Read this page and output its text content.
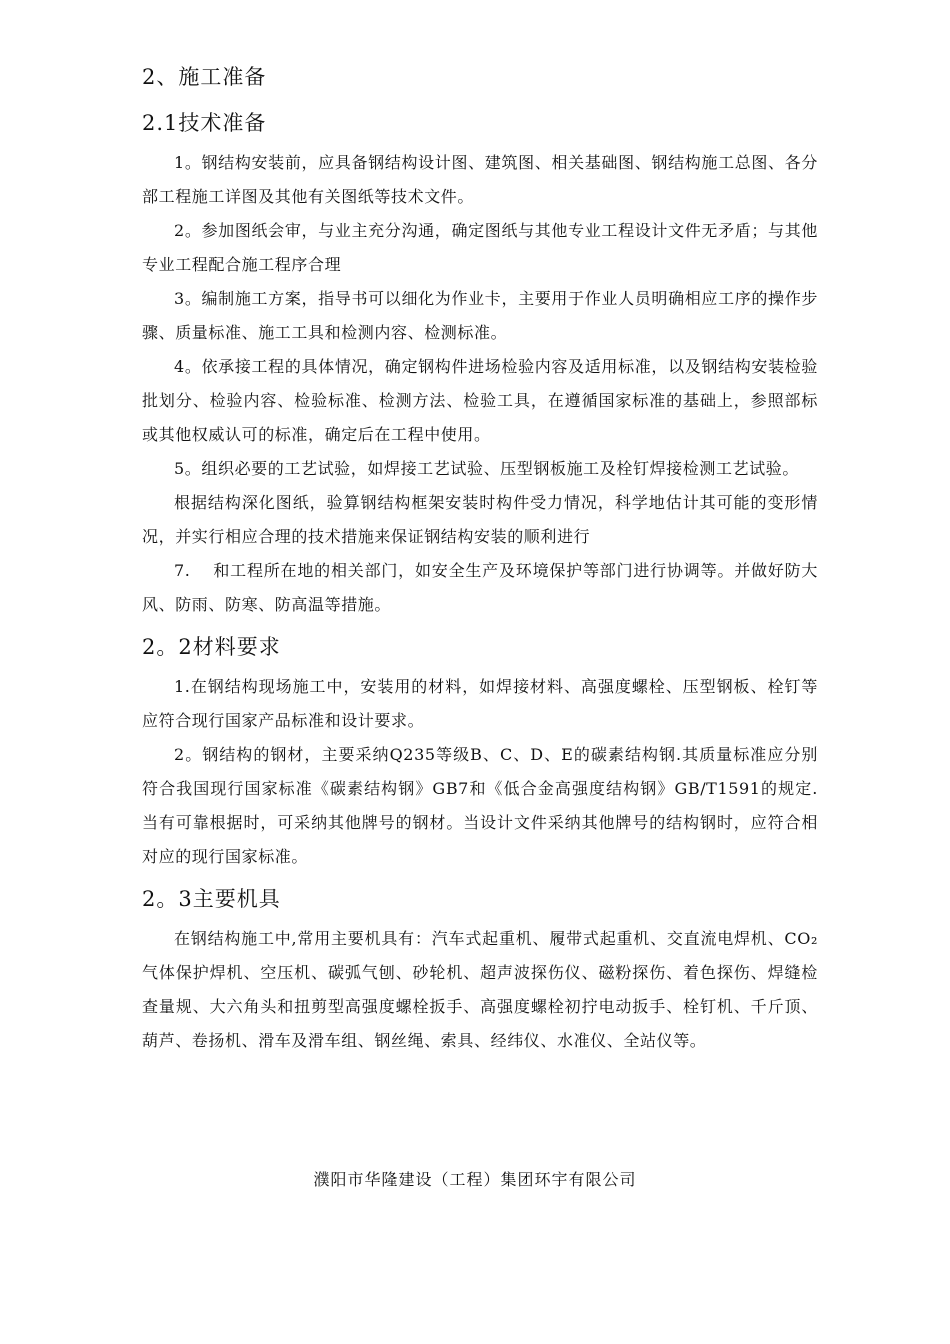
2、施工准备
2.1技术准备

1。钢结构安装前，应具备钢结构设计图、建筑图、相关基础图、钢结构施工总图、各分部工程施工详图及其他有关图纸等技术文件。

2。参加图纸会审，与业主充分沟通，确定图纸与其他专业工程设计文件无矛盾；与其他专业工程配合施工程序合理

3。编制施工方案，指导书可以细化为作业卡，主要用于作业人员明确相应工序的操作步骤、质量标准、施工工具和检测内容、检测标准。

4。依承接工程的具体情况，确定钢构件进场检验内容及适用标准，以及钢结构安装检验批划分、检验内容、检验标准、检测方法、检验工具，在遵循国家标准的基础上，参照部标或其他权威认可的标准，确定后在工程中使用。

5。组织必要的工艺试验，如焊接工艺试验、压型钢板施工及栓钉焊接检测工艺试验。

根据结构深化图纸，验算钢结构框架安装时构件受力情况，科学地估计其可能的变形情况，并实行相应合理的技术措施来保证钢结构安装的顺利进行

7.　 和工程所在地的相关部门，如安全生产及环境保护等部门进行协调等。并做好防大风、防雨、防寒、防高温等措施。

2。2材料要求

1.在钢结构现场施工中，安装用的材料，如焊接材料、高强度螺栓、压型钢板、栓钉等应符合现行国家产品标准和设计要求。

2。钢结构的钢材，主要采纳Q235等级B、C、D、E的碳素结构钢.其质量标准应分别符合我国现行国家标准《碳素结构钢》GB7和《低合金高强度结构钢》GB/T1591的规定.当有可靠根据时，可采纳其他牌号的钢材。当设计文件采纳其他牌号的结构钢时，应符合相对应的现行国家标准。

2。3主要机具

在钢结构施工中,常用主要机具有：汽车式起重机、履带式起重机、交直流电焊机、CO₂气体保护焊机、空压机、碳弧气刨、砂轮机、超声波探伤仪、磁粉探伤、着色探伤、焊缝检查量规、大六角头和扭剪型高强度螺栓扳手、高强度螺栓初拧电动扳手、栓钉机、千斤顶、葫芦、卷扬机、滑车及滑车组、钢丝绳、索具、经纬仪、水准仪、全站仪等。

濮阳市华隆建设（工程）集团环宇有限公司
